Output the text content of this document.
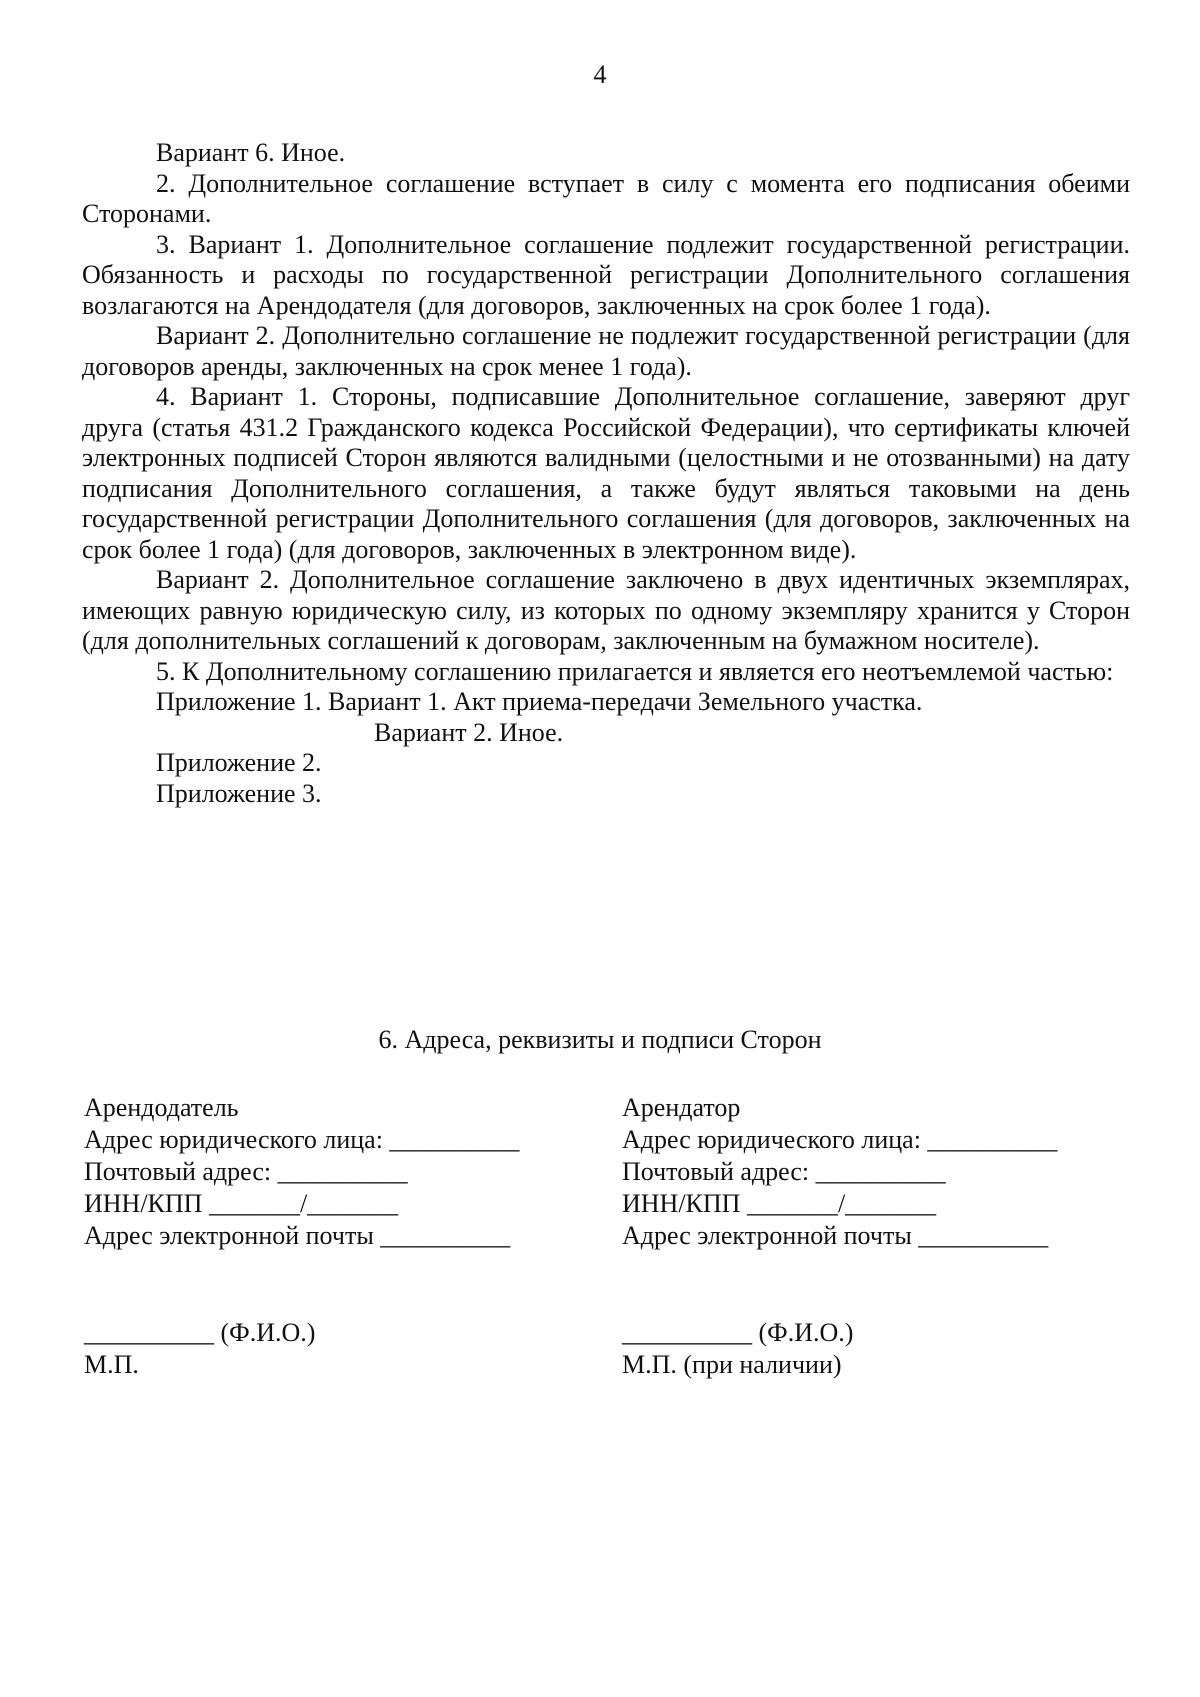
4

Вариант 6. Иное.

2. Дополнительное соглашение вступает в силу с момента его подписания обеими Сторонами.

3. Вариант 1. Дополнительное соглашение подлежит государственной регистрации. Обязанность и расходы по государственной регистрации Дополнительного соглашения возлагаются на Арендодателя (для договоров, заключенных на срок более 1 года).

Вариант 2. Дополнительно соглашение не подлежит государственной регистрации (для договоров аренды, заключенных на срок менее 1 года).

4. Вариант 1. Стороны, подписавшие Дополнительное соглашение, заверяют друг друга (статья 431.2 Гражданского кодекса Российской Федерации), что сертификаты ключей электронных подписей Сторон являются валидными (целостными и не отозванными) на дату подписания Дополнительного соглашения, а также будут являться таковыми на день государственной регистрации Дополнительного соглашения (для договоров, заключенных на срок более 1 года) (для договоров, заключенных в электронном виде).

Вариант 2. Дополнительное соглашение заключено в двух идентичных экземплярах, имеющих равную юридическую силу, из которых по одному экземпляру хранится у Сторон (для дополнительных соглашений к договорам, заключенным на бумажном носителе).

5. К Дополнительному соглашению прилагается и является его неотъемлемой частью:

Приложение 1. Вариант 1. Акт приема-передачи Земельного участка.
Вариант 2. Иное.
Приложение 2.
Приложение 3.
6. Адреса, реквизиты и подписи Сторон
Арендодатель
Адрес юридического лица: __________
Почтовый адрес: __________
ИНН/КПП _______/_______
Адрес электронной почты __________
Арендатор
Адрес юридического лица: __________
Почтовый адрес: __________
ИНН/КПП _______/_______
Адрес электронной почты __________
__________ (Ф.И.О.)
М.П.
__________ (Ф.И.О.)
М.П. (при наличии)
